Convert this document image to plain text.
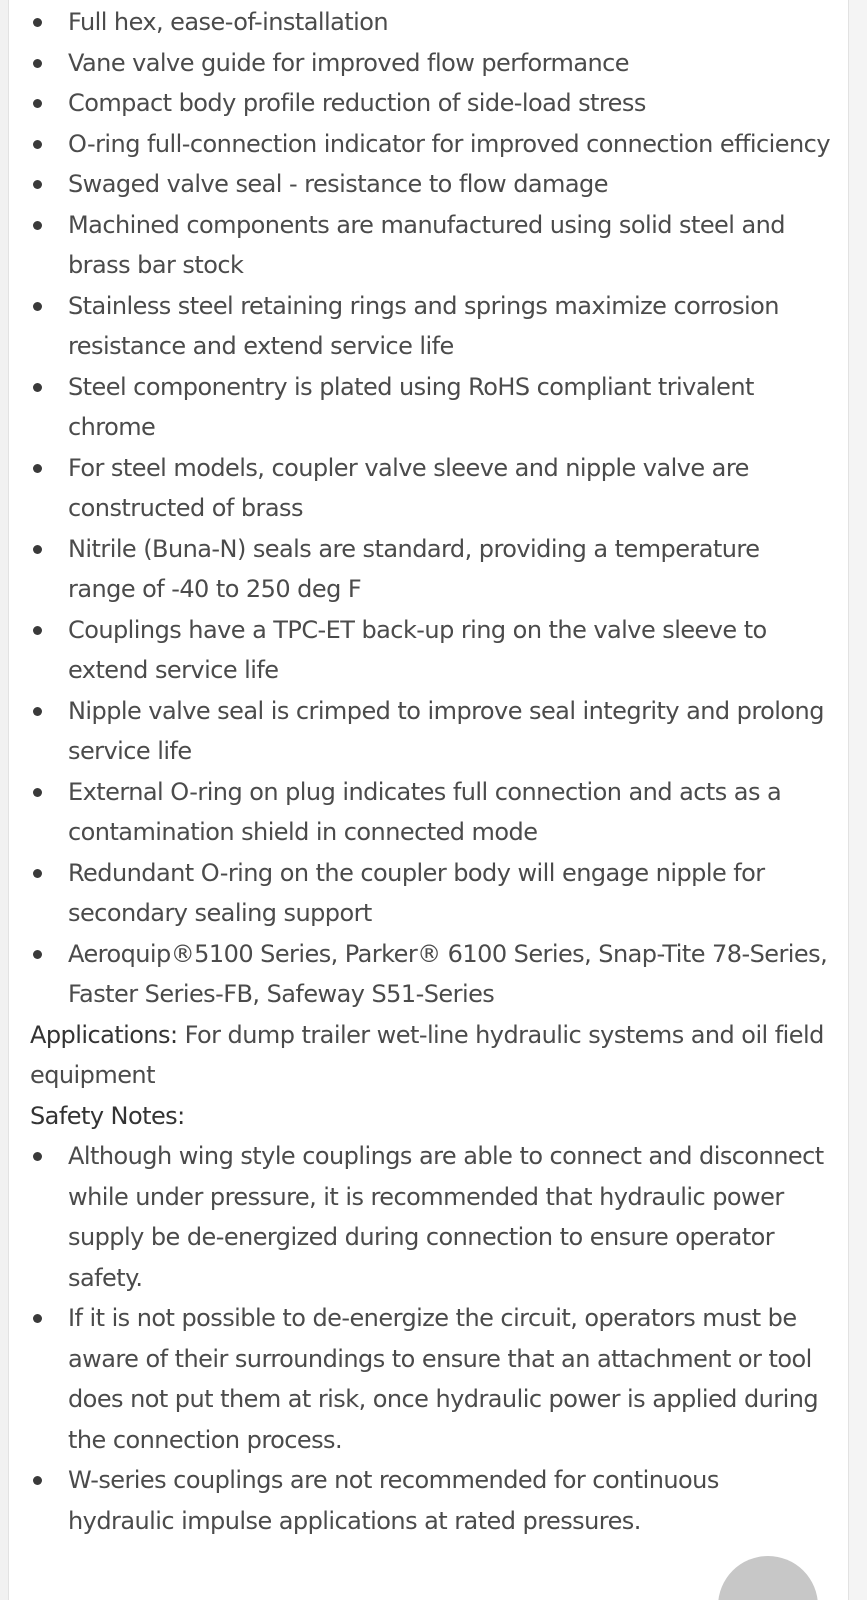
Full hex, ease-of-installation
Vane valve guide for improved flow performance
Compact body profile reduction of side-load stress
O-ring full-connection indicator for improved connection efficiency
Swaged valve seal - resistance to flow damage
Machined components are manufactured using solid steel and brass bar stock
Stainless steel retaining rings and springs maximize corrosion resistance and extend service life
Steel componentry is plated using RoHS compliant trivalent chrome
For steel models, coupler valve sleeve and nipple valve are constructed of brass
Nitrile (Buna-N) seals are standard, providing a temperature range of -40 to 250 deg F
Couplings have a TPC-ET back-up ring on the valve sleeve to extend service life
Nipple valve seal is crimped to improve seal integrity and prolong service life
External O-ring on plug indicates full connection and acts as a contamination shield in connected mode
Redundant O-ring on the coupler body will engage nipple for secondary sealing support
Aeroquip®5100 Series, Parker® 6100 Series, Snap-Tite 78-Series, Faster Series-FB, Safeway S51-Series

Applications: For dump trailer wet-line hydraulic systems and oil field equipment

Safety Notes:

Although wing style couplings are able to connect and disconnect while under pressure, it is recommended that hydraulic power supply be de-energized during connection to ensure operator safety.
If it is not possible to de-energize the circuit, operators must be aware of their surroundings to ensure that an attachment or tool does not put them at risk, once hydraulic power is applied during the connection process.
W-series couplings are not recommended for continuous hydraulic impulse applications at rated pressures.
